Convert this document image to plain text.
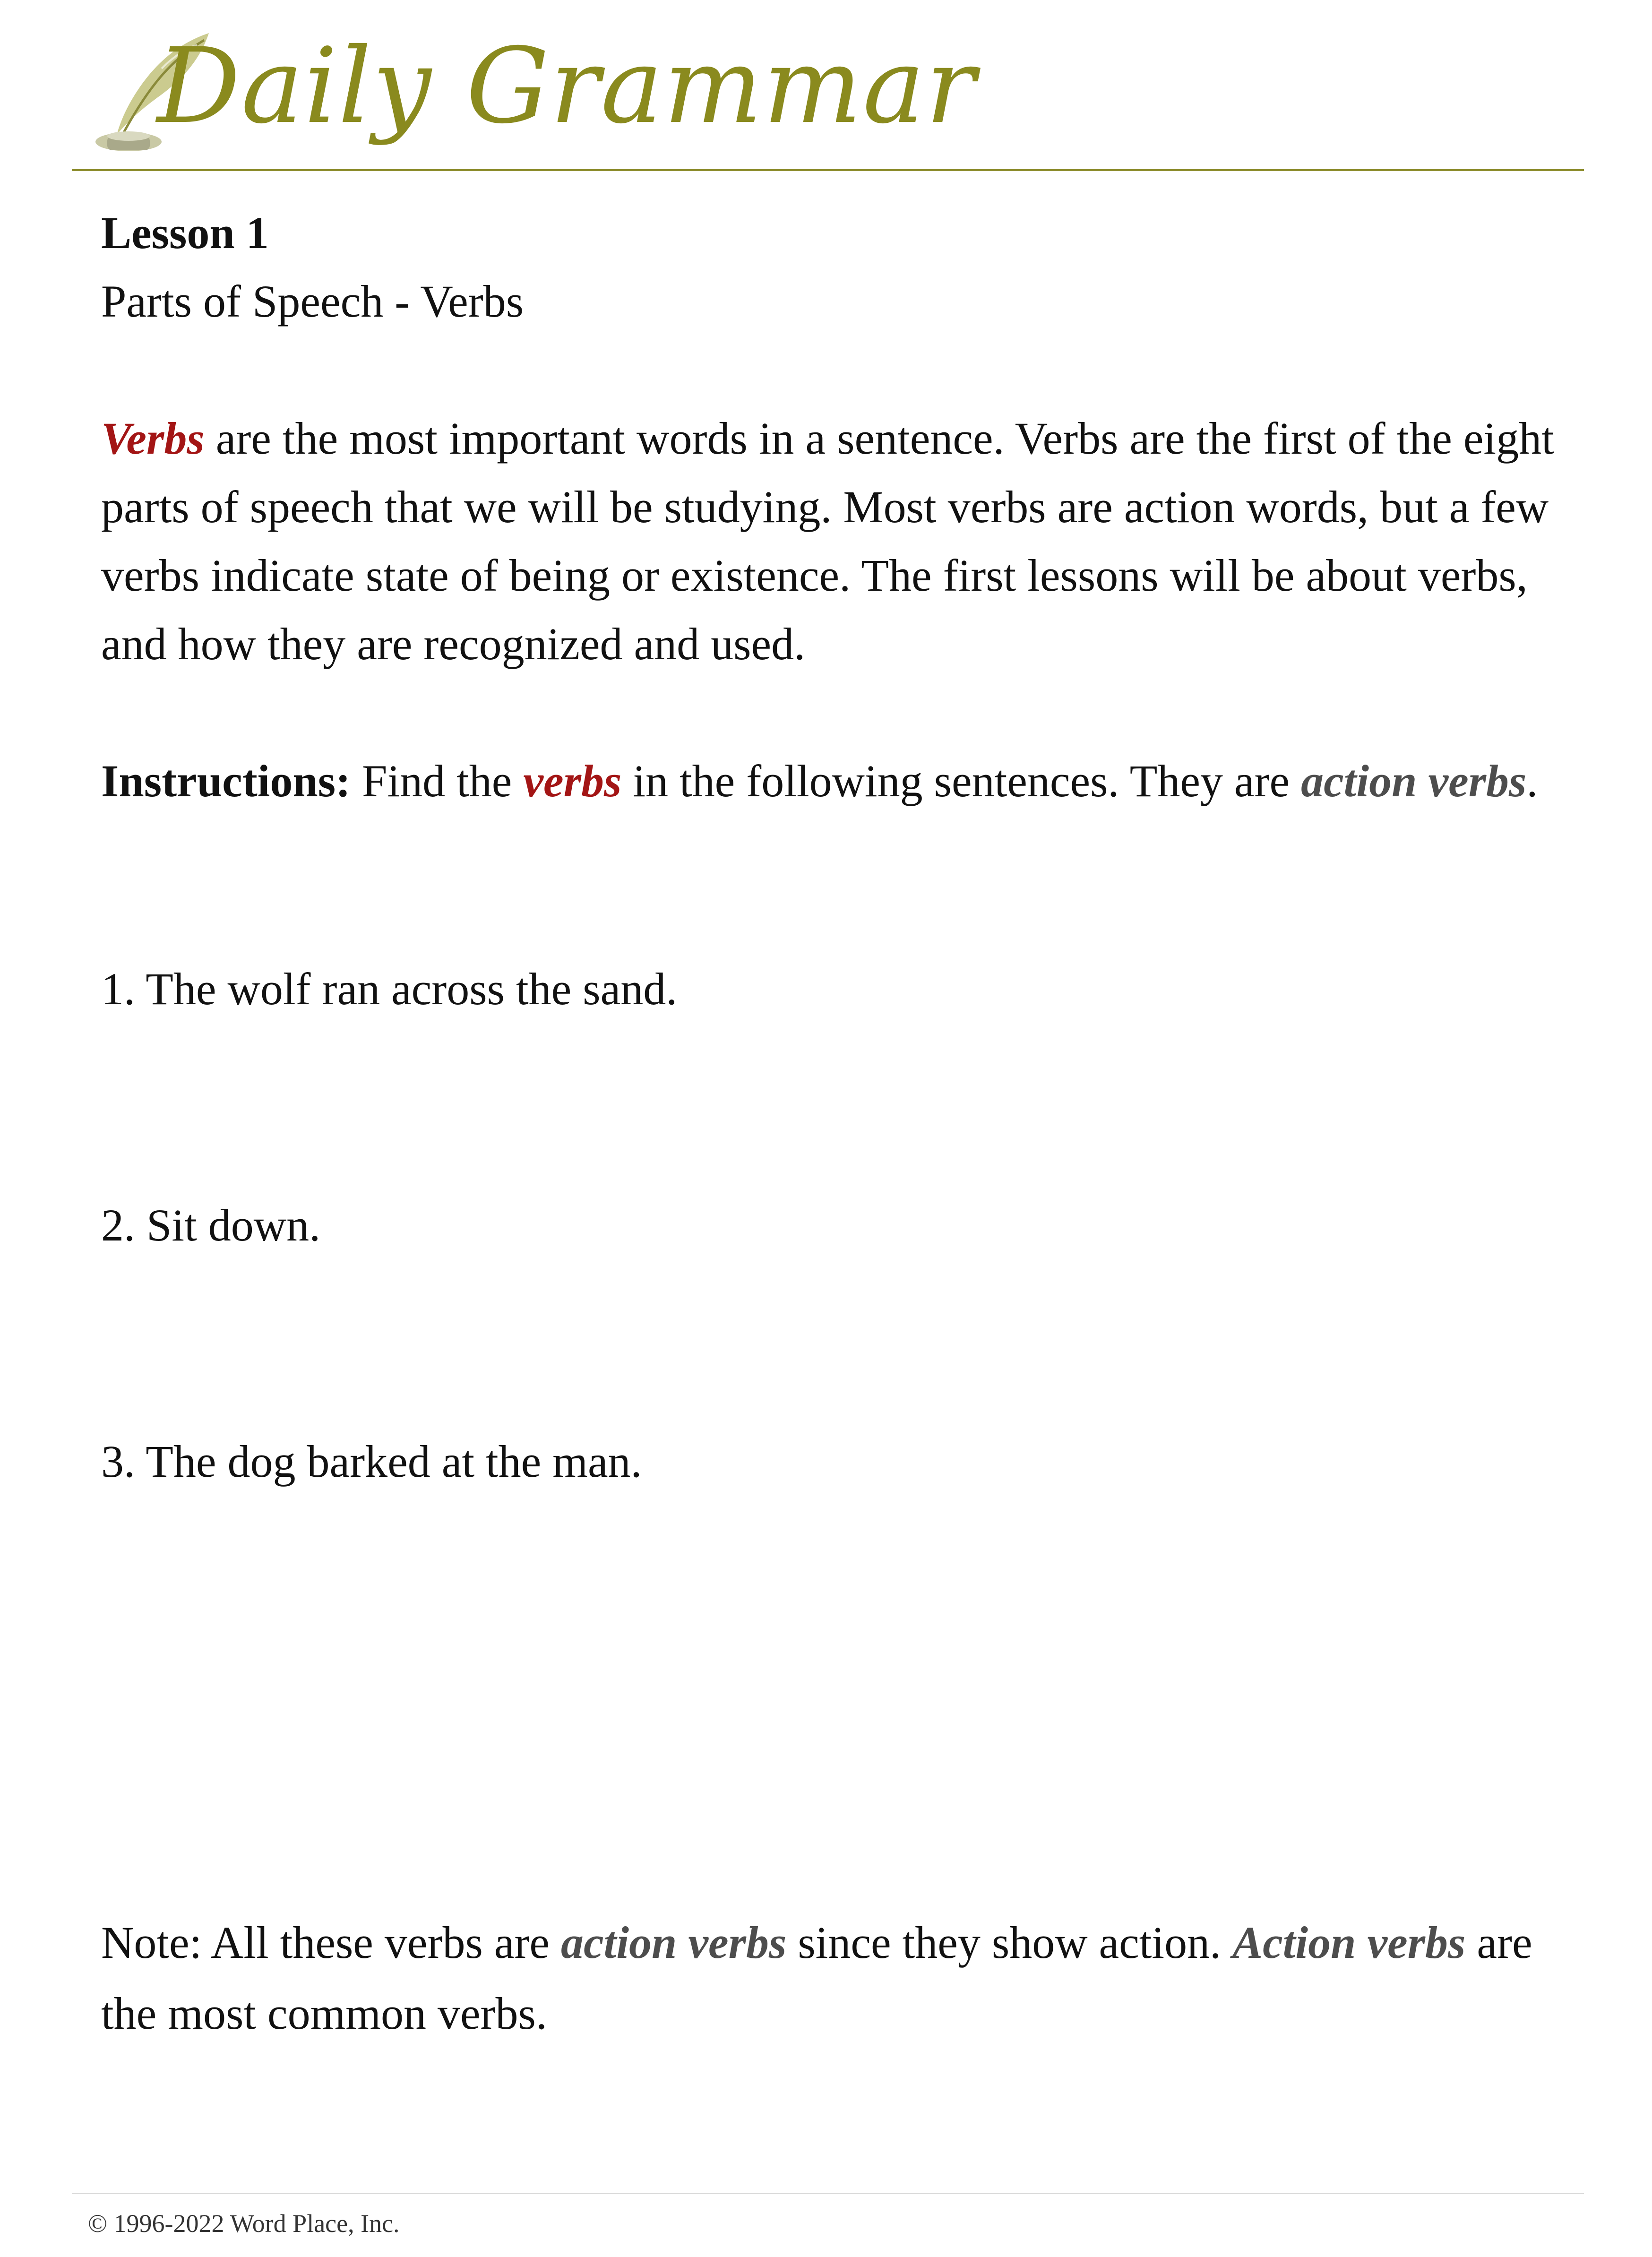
Daily Grammar

Lesson 1

Parts of Speech - Verbs

Verbs are the most important words in a sentence. Verbs are the first of the eight parts of speech that we will be studying. Most verbs are action words, but a few verbs indicate state of being or existence. The first lessons will be about verbs, and how they are recognized and used.

Instructions: Find the verbs in the following sentences. They are action verbs.

1. The wolf ran across the sand.

2. Sit down.

3. The dog barked at the man.

Note: All these verbs are action verbs since they show action. Action verbs are the most common verbs.

© 1996-2022 Word Place, Inc.
